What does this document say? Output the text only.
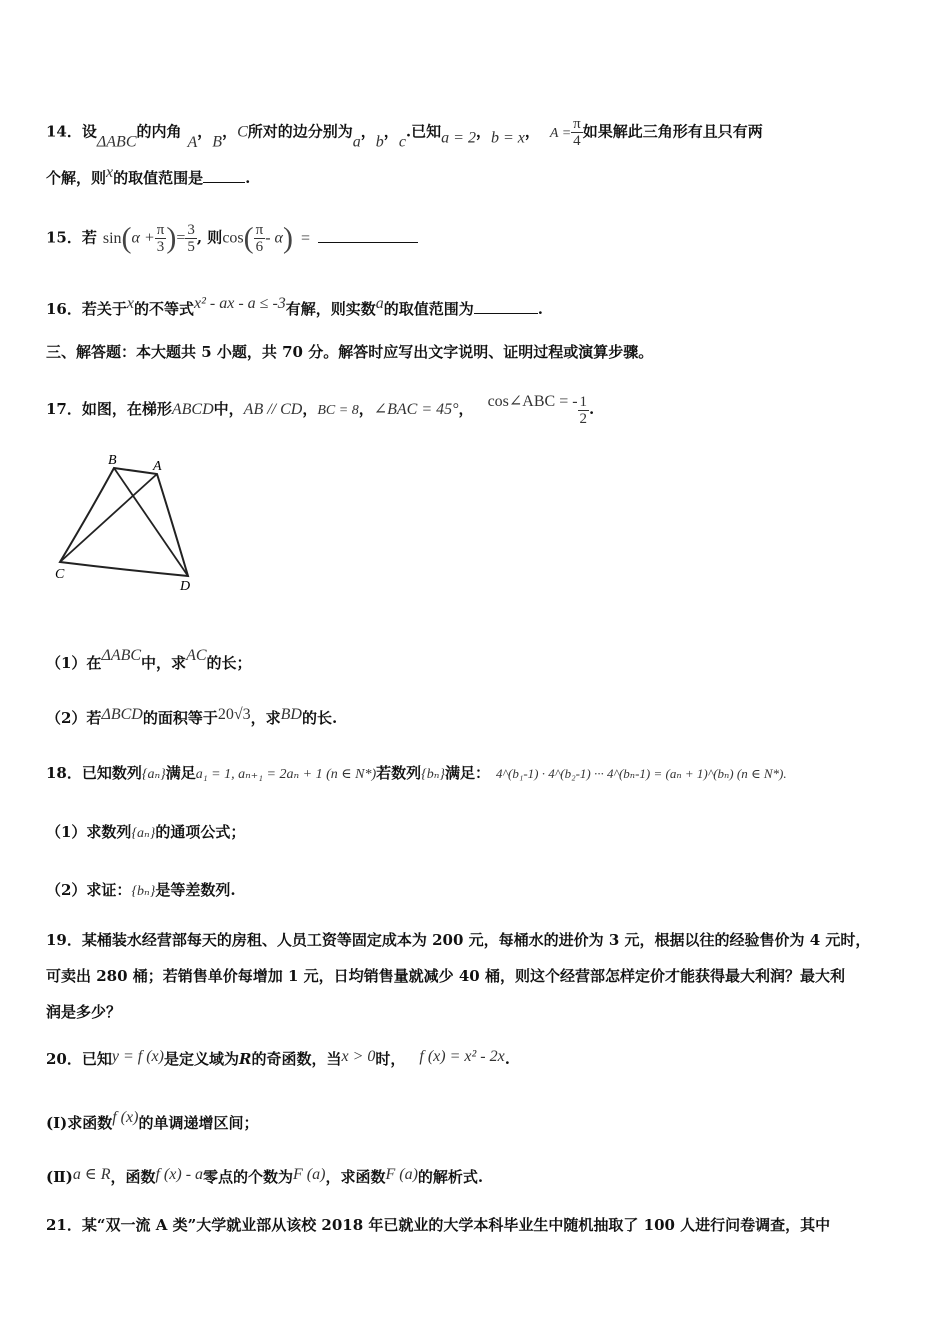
14．设ΔABC的内角A，B，C所对的边分别为a，b，c.已知a = 2，b = x， $A = \frac{\pi}{4}$ 如果解此三角形有且只有两
个解，则x的取值范围是	.
15．若 $\sin(\alpha + \frac{\pi}{3}$ )= $\frac{3}{5}$ , 则$\cos( \frac{\pi}{6} - \alpha)$ =
16．若关于x的不等式x² - ax - a ≤ -3有解，则实数a的取值范围为	.
三、解答题：本大题共 5 小题，共 70 分。解答时应写出文字说明、证明过程或演算步骤。
17．如图，在梯形ABCD中，AB // CD，BC = 8，∠BAC = 45°， cos∠ABC = - $\frac{1}{2}$ .
B	A
C
D
（1）在ΔABC中，求AC的长；
（2）若ΔBCD的面积等于20√3，求BD的长.
18．已知数列{aₙ}满足a₁ = 1, aₙ₊₁ = 2aₙ + 1 (n ∈ N*)若数列{bₙ}满足： 4^(b₁-1) · 4^(b₂-1) ··· 4^(bₙ-1) = (aₙ + 1)^(bₙ) (n ∈ N*).
（1）求数列{aₙ}的通项公式；
（2）求证：{bₙ}是等差数列.
19．某桶装水经营部每天的房租、人员工资等固定成本为 200 元，每桶水的进价为 3 元，根据以往的经验售价为 4 元时，
可卖出 280 桶；若销售单价每增加 1 元，日均销售量就减少 40 桶，则这个经营部怎样定价才能获得最大利润？最大利
润是多少？
20．已知y = f (x)是定义域为R的奇函数，当x > 0时， f (x) = x² - 2x.
(Ⅰ)求函数f (x)的单调递增区间；
(Ⅱ)a ∈ R，函数f (x) - a零点的个数为F (a)，求函数F (a)的解析式.
21．某“双一流 A 类”大学就业部从该校 2018 年已就业的大学本科毕业生中随机抽取了 100 人进行问卷调查，其中
